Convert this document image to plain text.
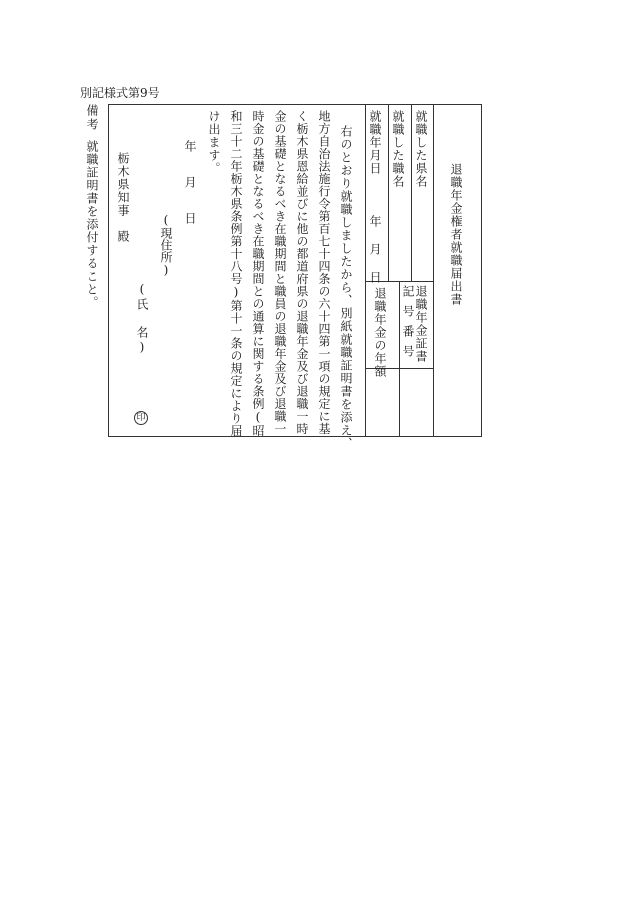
別記様式第9号
退職年金権者就職届出書
就職した県名
就職した職名
就職年月日
年　月　日
退職年金証書
記号番号
退職年金の年額
右のとおり就職しましたから、別紙就職証明書を添え、
地方自治法施行令第百七十四条の六十四第一項の規定に基
く栃木県恩給並びに他の都道府県の退職年金及び退職一時
金の基礎となるべき在職期間と職員の退職年金及び退職一
時金の基礎となるべき在職期間との通算に関する条例(昭
和三十二年栃木県条例第十八号)第十一条の規定により届
け出ます。
年　月　日
(現住所)
(氏　名)
印
栃木県知事　殿
備考
就職証明書を添付すること。
